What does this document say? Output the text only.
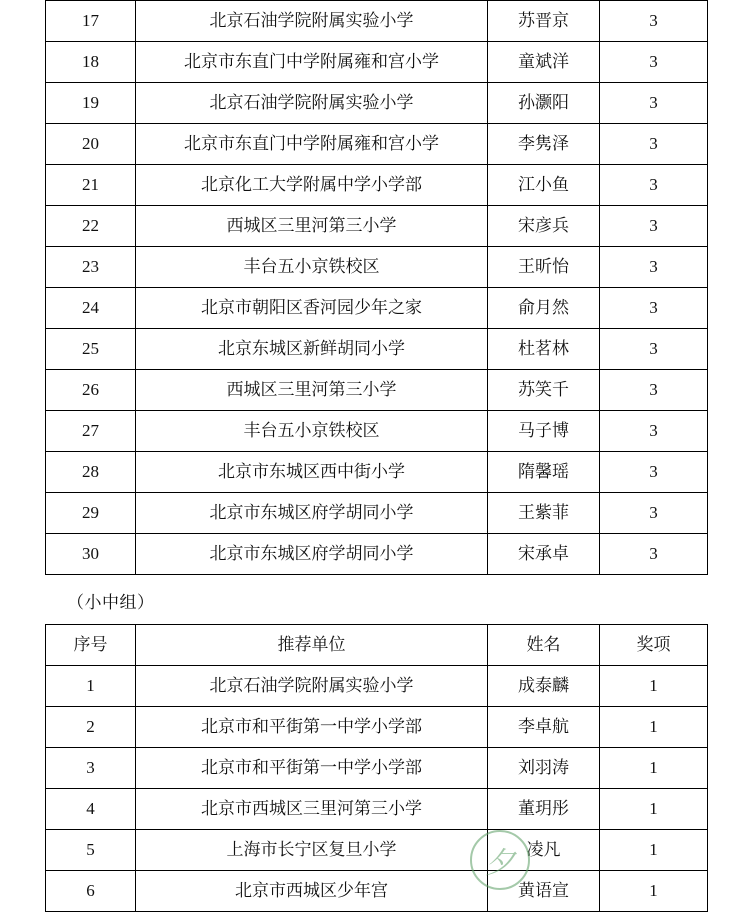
17	北京石油学院附属实验小学	苏晋京	3
18	北京市东直门中学附属雍和宫小学	童斌洋	3
19	北京石油学院附属实验小学	孙灏阳	3
20	北京市东直门中学附属雍和宫小学	李隽泽	3
21	北京化工大学附属中学小学部	江小鱼	3
22	西城区三里河第三小学	宋彦兵	3
23	丰台五小京铁校区	王昕怡	3
24	北京市朝阳区香河园少年之家	俞月然	3
25	北京东城区新鲜胡同小学	杜茗林	3
26	西城区三里河第三小学	苏笑千	3
27	丰台五小京铁校区	马子博	3
28	北京市东城区西中街小学	隋馨瑶	3
29	北京市东城区府学胡同小学	王紫菲	3
30	北京市东城区府学胡同小学	宋承卓	3
（小中组）
序号	推荐单位	姓名	奖项
1	北京石油学院附属实验小学	成泰麟	1
2	北京市和平街第一中学小学部	李卓航	1
3	北京市和平街第一中学小学部	刘羽涛	1
4	北京市西城区三里河第三小学	董玥彤	1
5	上海市长宁区复旦小学	凌凡	1
6	北京市西城区少年宫	黄语宣	1
夕
